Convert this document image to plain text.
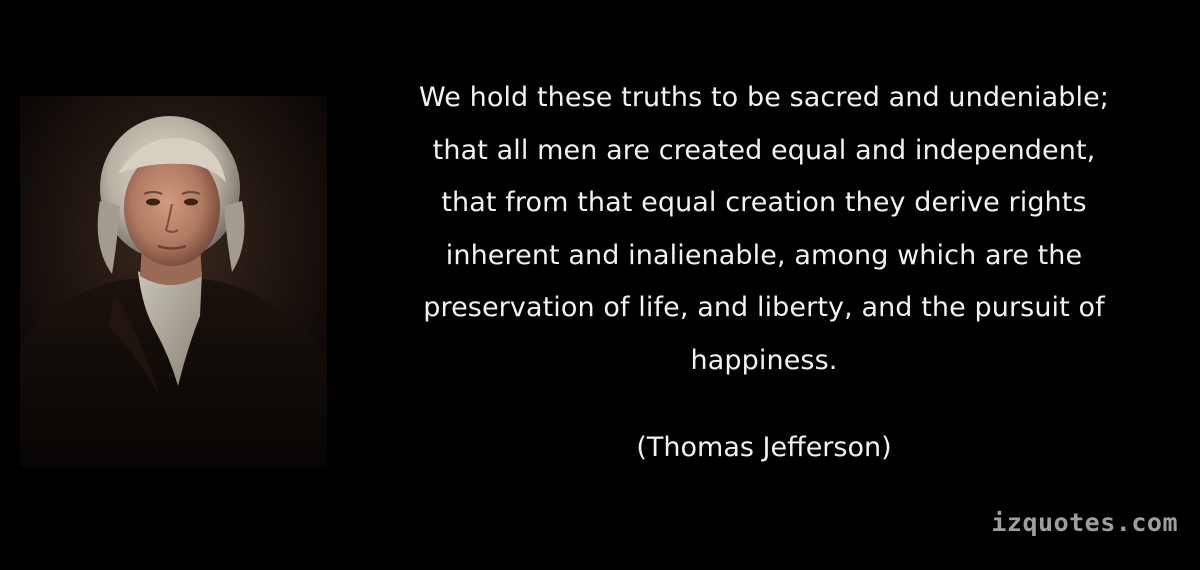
We hold these truths to be sacred and undeniable;
that all men are created equal and independent,
that from that equal creation they derive rights
inherent and inalienable, among which are the
preservation of life, and liberty, and the pursuit of
happiness.

(Thomas Jefferson)
izquotes.com
